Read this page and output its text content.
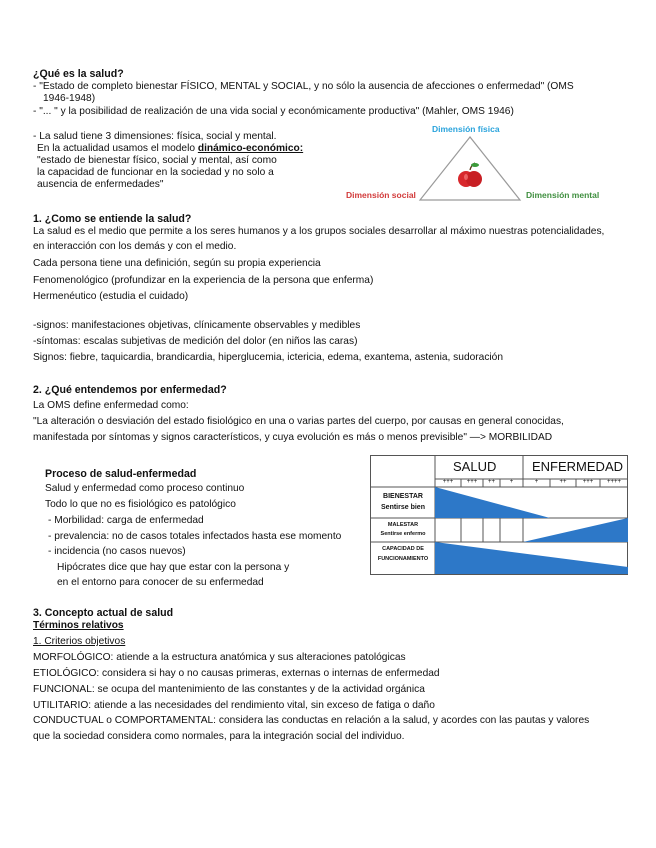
¿Qué es la salud?
- "Estado de completo bienestar FÍSICO, MENTAL y SOCIAL, y no sólo la ausencia de afecciones o enfermedad" (OMS
1946-1948)
- "... " y la posibilidad de realización de una vida social y económicamente productiva" (Mahler, OMS 1946)
- La salud tiene 3 dimensiones: física, social y mental.
En la actualidad usamos el modelo dinámico-económico:
"estado de bienestar físico, social y mental, así como
la capacidad de funcionar en la sociedad y no solo a
ausencia de enfermedades"
Dimensión física
Dimensión social	Dimensión mental
1. ¿Como se entiende la salud?
La salud es el medio que permite a los seres humanos y a los grupos sociales desarrollar al máximo nuestras potencialidades,
en interacción con los demás y con el medio.
Cada persona tiene una definición, según su propia experiencia
Fenomenológico (profundizar en la experiencia de la persona que enferma)
Hermenéutico (estudia el cuidado)
-signos: manifestaciones objetivas, clínicamente observables y medibles
-síntomas: escalas subjetivas de medición del dolor (en niños las caras)
Signos: fiebre, taquicardia, brandicardia, hiperglucemia, ictericia, edema, exantema, astenia, sudoración
2. ¿Qué entendemos por enfermedad?
La OMS define enfermedad como:
"La alteración o desviación del estado fisiológico en una o varias partes del cuerpo, por causas en general conocidas,
manifestada por síntomas y signos característicos, y cuya evolución es más o menos previsible" —> MORBILIDAD
Proceso de salud-enfermedad
Salud y enfermedad como proceso continuo
Todo lo que no es fisiológico es patológico
- Morbilidad: carga de enfermedad
- prevalencia: no de casos totales infectados hasta ese momento
- incidencia (no casos nuevos)
Hipócrates dice que hay que estar con la persona y
en el entorno para conocer de su enfermedad
SALUD	ENFERMEDAD
+++	+++	++	+	+	++	+++	++++
BIENESTAR
Sentirse bien
MALESTAR
Sentirse enfermo
CAPACIDAD DE
FUNCIONAMIENTO
3. Concepto actual de salud
Términos relativos
1. Criterios objetivos
MORFOLÓGICO: atiende a la estructura anatómica y sus alteraciones patológicas
ETIOLÓGICO: considera si hay o no causas primeras, externas o internas de enfermedad
FUNCIONAL: se ocupa del mantenimiento de las constantes y de la actividad orgánica
UTILITARIO: atiende a las necesidades del rendimiento vital, sin exceso de fatiga o daño
CONDUCTUAL o COMPORTAMENTAL: considera las conductas en relación a la salud, y acordes con las pautas y valores
que la sociedad considera como normales, para la integración social del individuo.
